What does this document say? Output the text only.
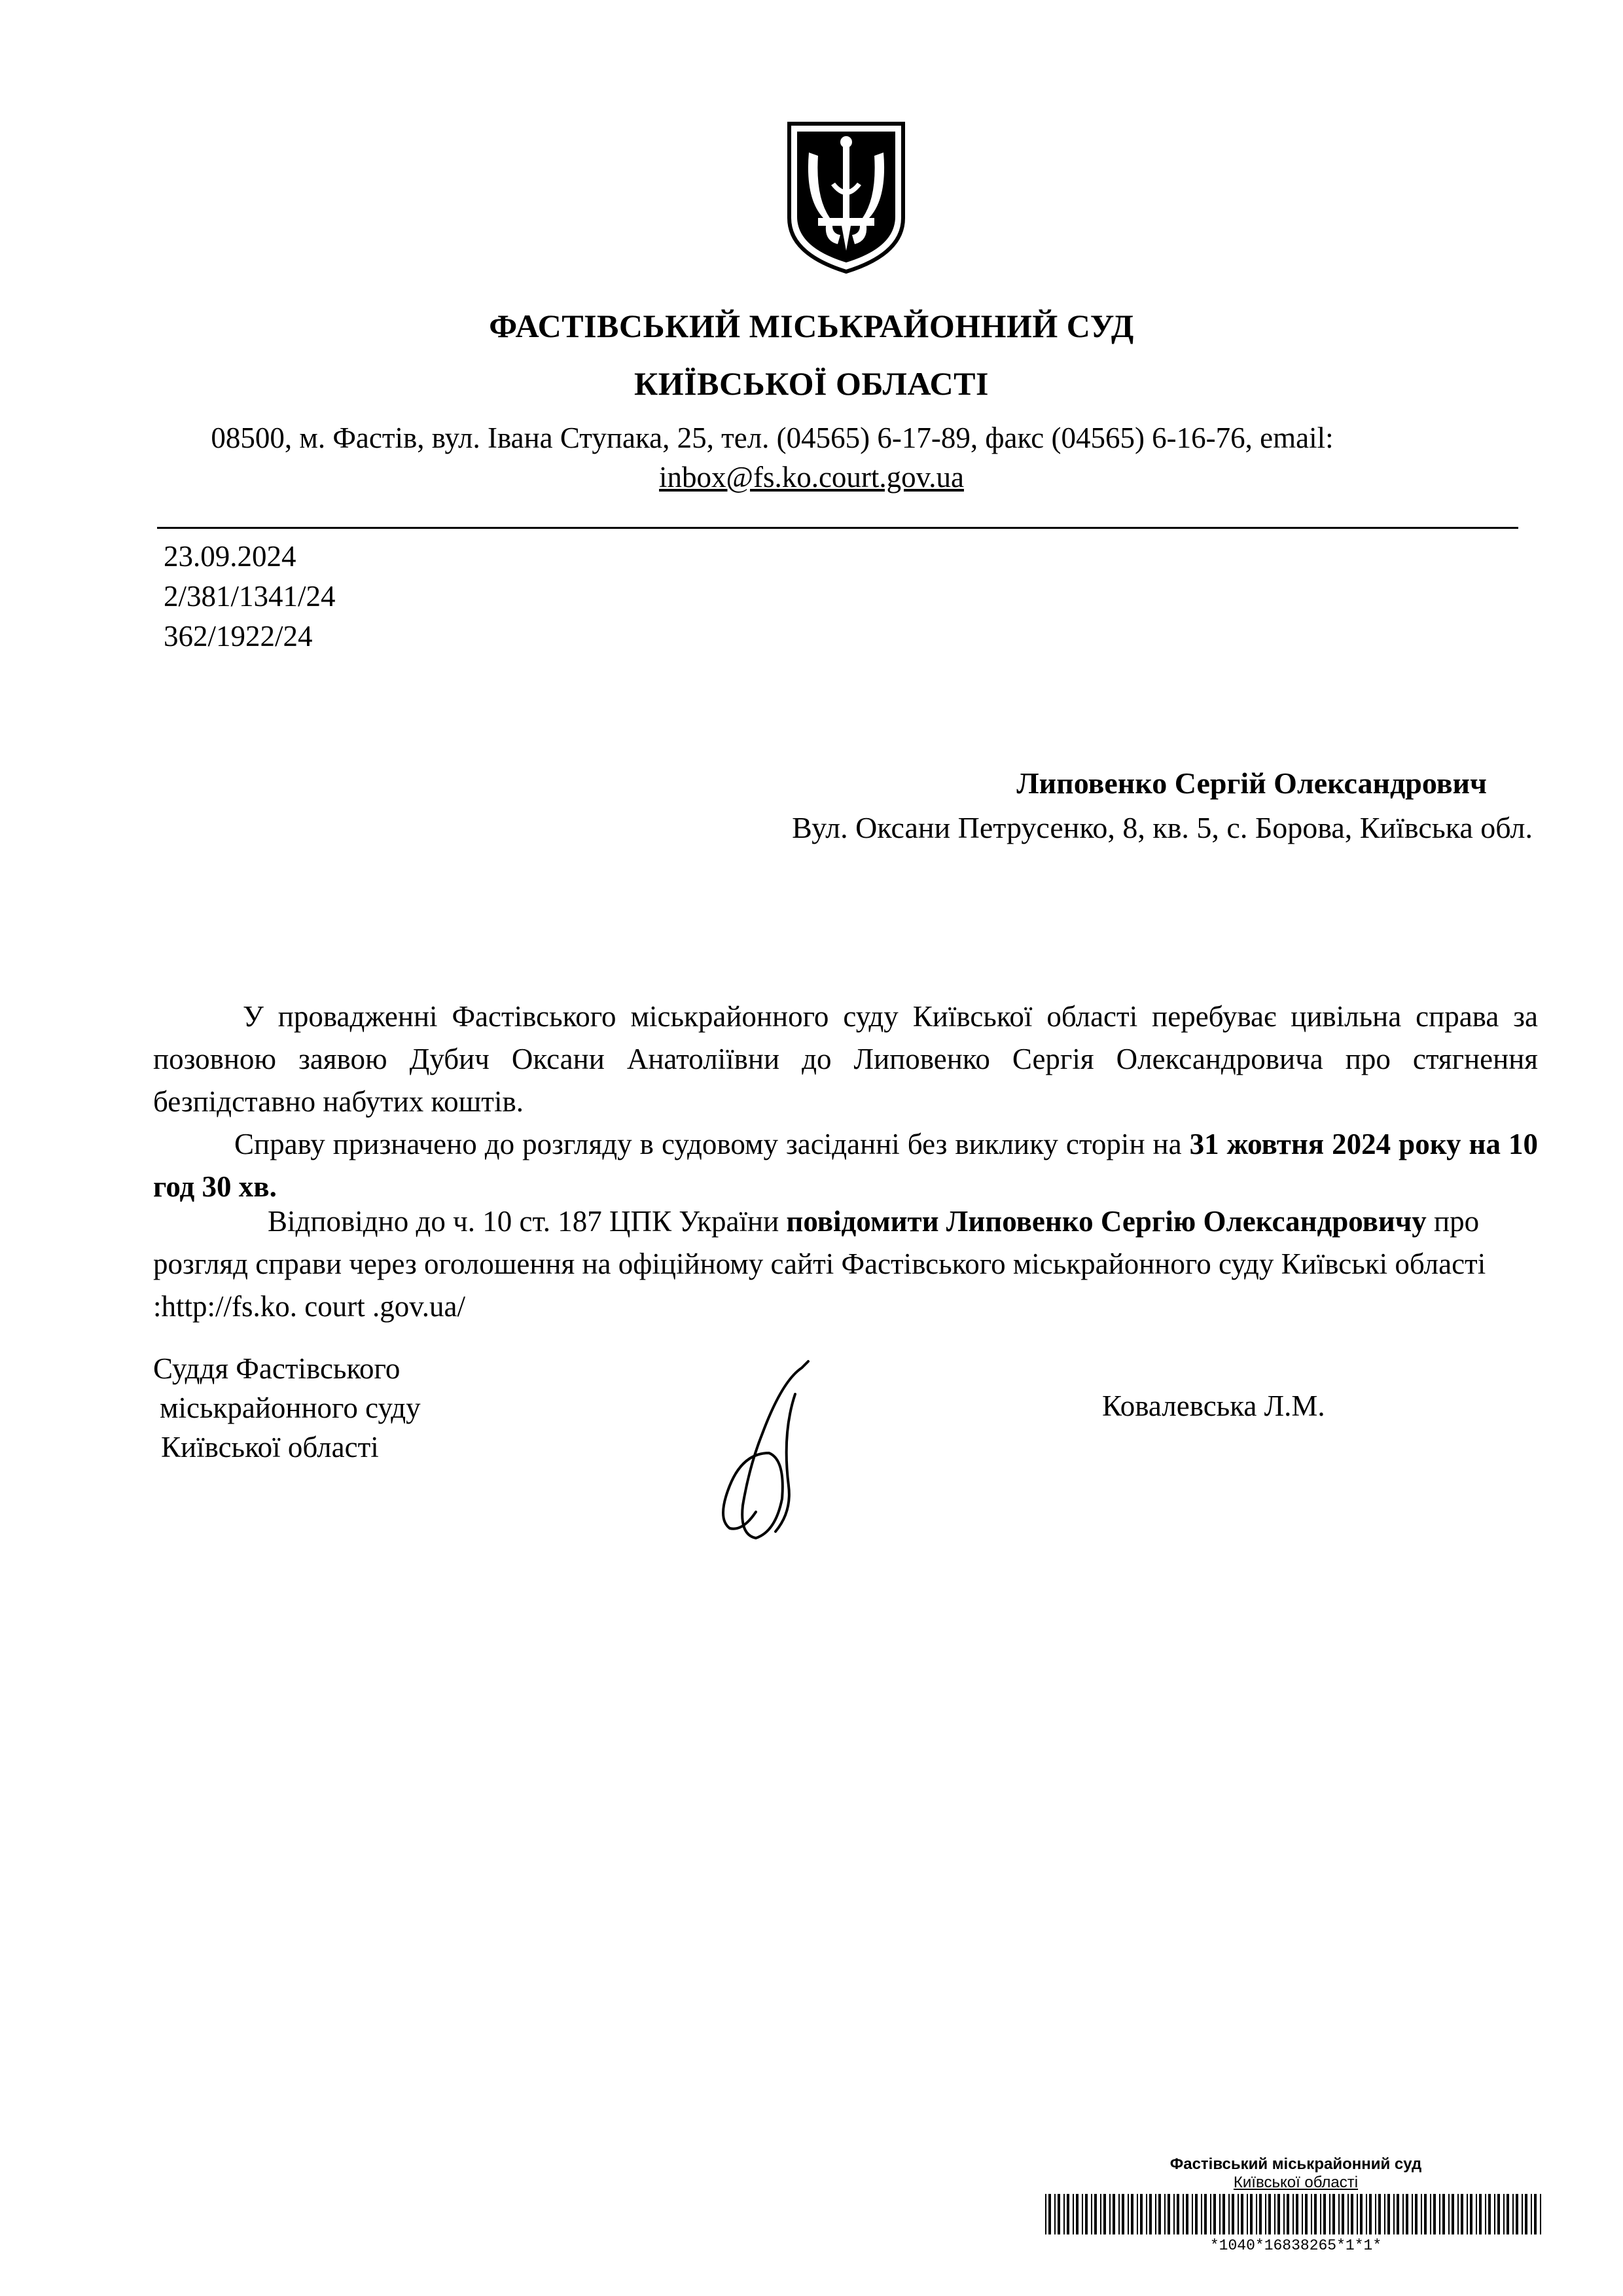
ФАСТІВСЬКИЙ МІСЬКРАЙОННИЙ СУД
КИЇВСЬКОЇ ОБЛАСТІ
08500, м. Фастів, вул. Івана Ступака, 25, тел. (04565) 6-17-89, факс (04565) 6-16-76, email:
inbox@fs.ko.court.gov.ua
23.09.2024
2/381/1341/24
362/1922/24
Липовенко Сергій Олександрович
Вул. Оксани Петрусенко, 8, кв. 5, с. Борова, Київська обл.
У провадженні Фастівського міськрайонного суду Київської області перебуває цивільна справа за позовною заявою Дубич Оксани Анатоліївни до Липовенко Сергія Олександровича про стягнення безпідставно набутих коштів.
Справу призначено до розгляду в судовому засіданні без виклику сторін на 31 жовтня 2024 року на 10 год 30 хв.
Відповідно до ч. 10 ст. 187 ЦПК України повідомити Липовенко Сергію Олександровичу про розгляд справи через оголошення на офіційному сайті Фастівського міськрайонного суду Київські області :http://fs.ko. court .gov.ua/
Суддя Фастівського
міськрайонного суду
Київської області
Ковалевська Л.М.
Фастівський міськрайонний суд
Київської області
*1040*16838265*1*1*
